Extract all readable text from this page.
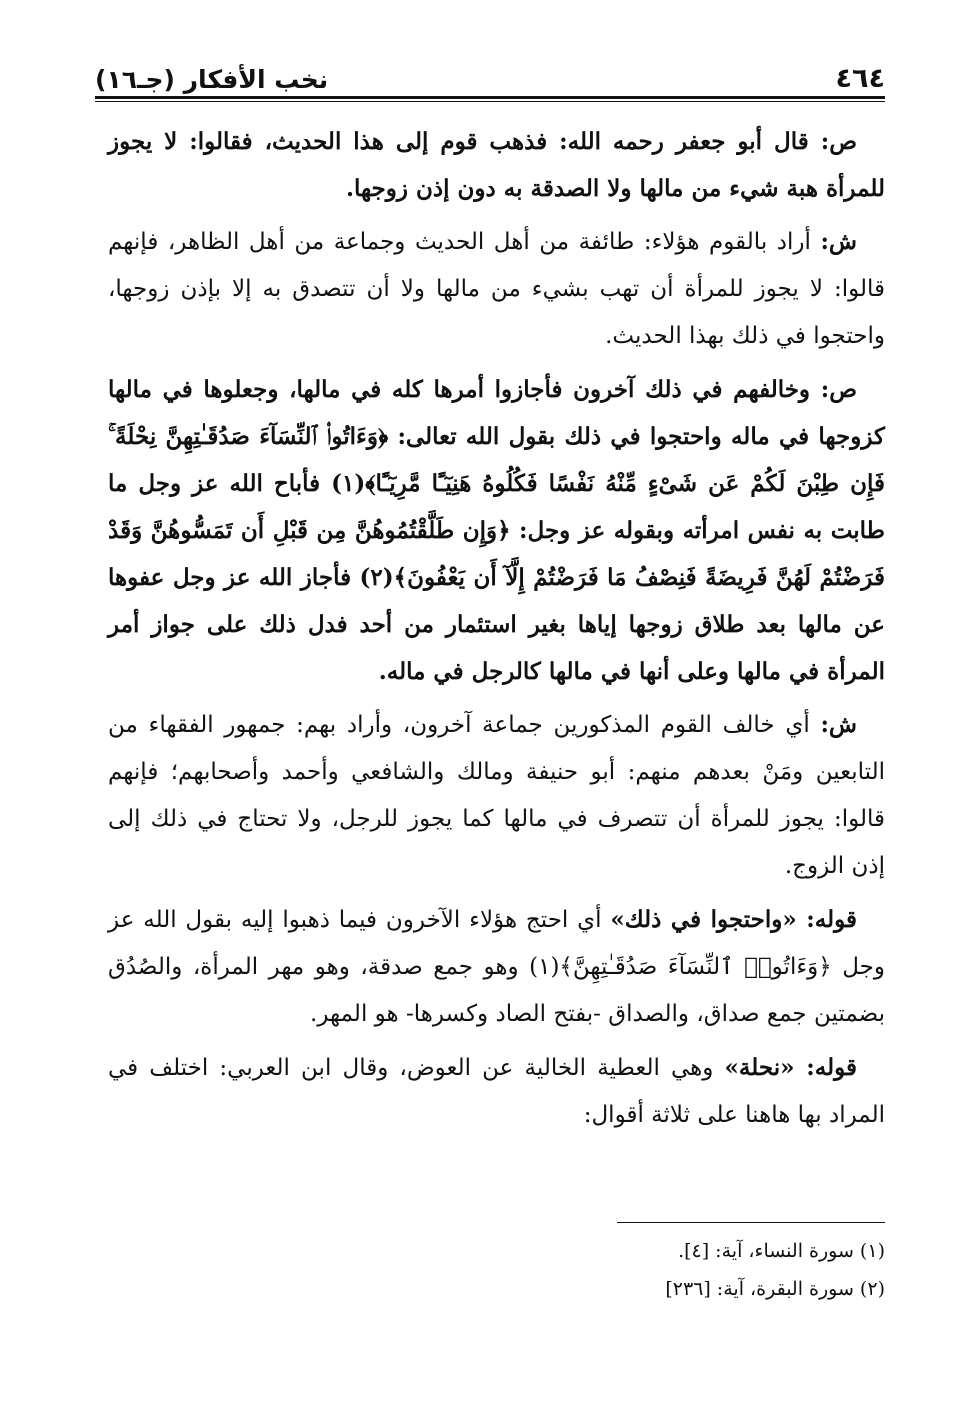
٤٦٤
نخب الأفكار (جـ١٦)

ص: قال أبو جعفر رحمه الله: فذهب قوم إلى هذا الحديث، فقالوا: لا يجوز للمرأة هبة شيء من مالها ولا الصدقة به دون إذن زوجها.

ش: أراد بالقوم هؤلاء: طائفة من أهل الحديث وجماعة من أهل الظاهر، فإنهم قالوا: لا يجوز للمرأة أن تهب بشيء من مالها ولا أن تتصدق به إلا بإذن زوجها، واحتجوا في ذلك بهذا الحديث.

ص: وخالفهم في ذلك آخرون فأجازوا أمرها كله في مالها، وجعلوها في مالها كزوجها في ماله واحتجوا في ذلك بقول الله تعالى: ﴿وَءَاتُوا۟ ٱلنِّسَآءَ صَدُقَـٰتِهِنَّ نِحْلَةً ۚ فَإِن طِبْنَ لَكُمْ عَن شَىْءٍ مِّنْهُ نَفْسًا فَكُلُوهُ هَنِيٓـًٔا مَّرِيٓـًٔا﴾(١) فأباح الله عز وجل ما طابت به نفس امرأته وبقوله عز وجل: ﴿وَإِن طَلَّقْتُمُوهُنَّ مِن قَبْلِ أَن تَمَسُّوهُنَّ وَقَدْ فَرَضْتُمْ لَهُنَّ فَرِيضَةً فَنِصْفُ مَا فَرَضْتُمْ إِلَّآ أَن يَعْفُونَ﴾(٢) فأجاز الله عز وجل عفوها عن مالها بعد طلاق زوجها إياها بغير استئمار من أحد فدل ذلك على جواز أمر المرأة في مالها وعلى أنها في مالها كالرجل في ماله.

ش: أي خالف القوم المذكورين جماعة آخرون، وأراد بهم: جمهور الفقهاء من التابعين ومَنْ بعدهم منهم: أبو حنيفة ومالك والشافعي وأحمد وأصحابهم؛ فإنهم قالوا: يجوز للمرأة أن تتصرف في مالها كما يجوز للرجل، ولا تحتاج في ذلك إلى إذن الزوج.

قوله: «واحتجوا في ذلك» أي احتج هؤلاء الآخرون فيما ذهبوا إليه بقول الله عز وجل ﴿وَءَاتُوا۟ ٱلنِّسَآءَ صَدُقَـٰتِهِنَّ﴾(١) وهو جمع صدقة، وهو مهر المرأة، والصُدُق بضمتين جمع صداق، والصداق -بفتح الصاد وكسرها- هو المهر.

قوله: «نحلة» وهي العطية الخالية عن العوض، وقال ابن العربي: اختلف في المراد بها هاهنا على ثلاثة أقوال:

(١) سورة النساء، آية: [٤].
(٢) سورة البقرة، آية: [٢٣٦]
